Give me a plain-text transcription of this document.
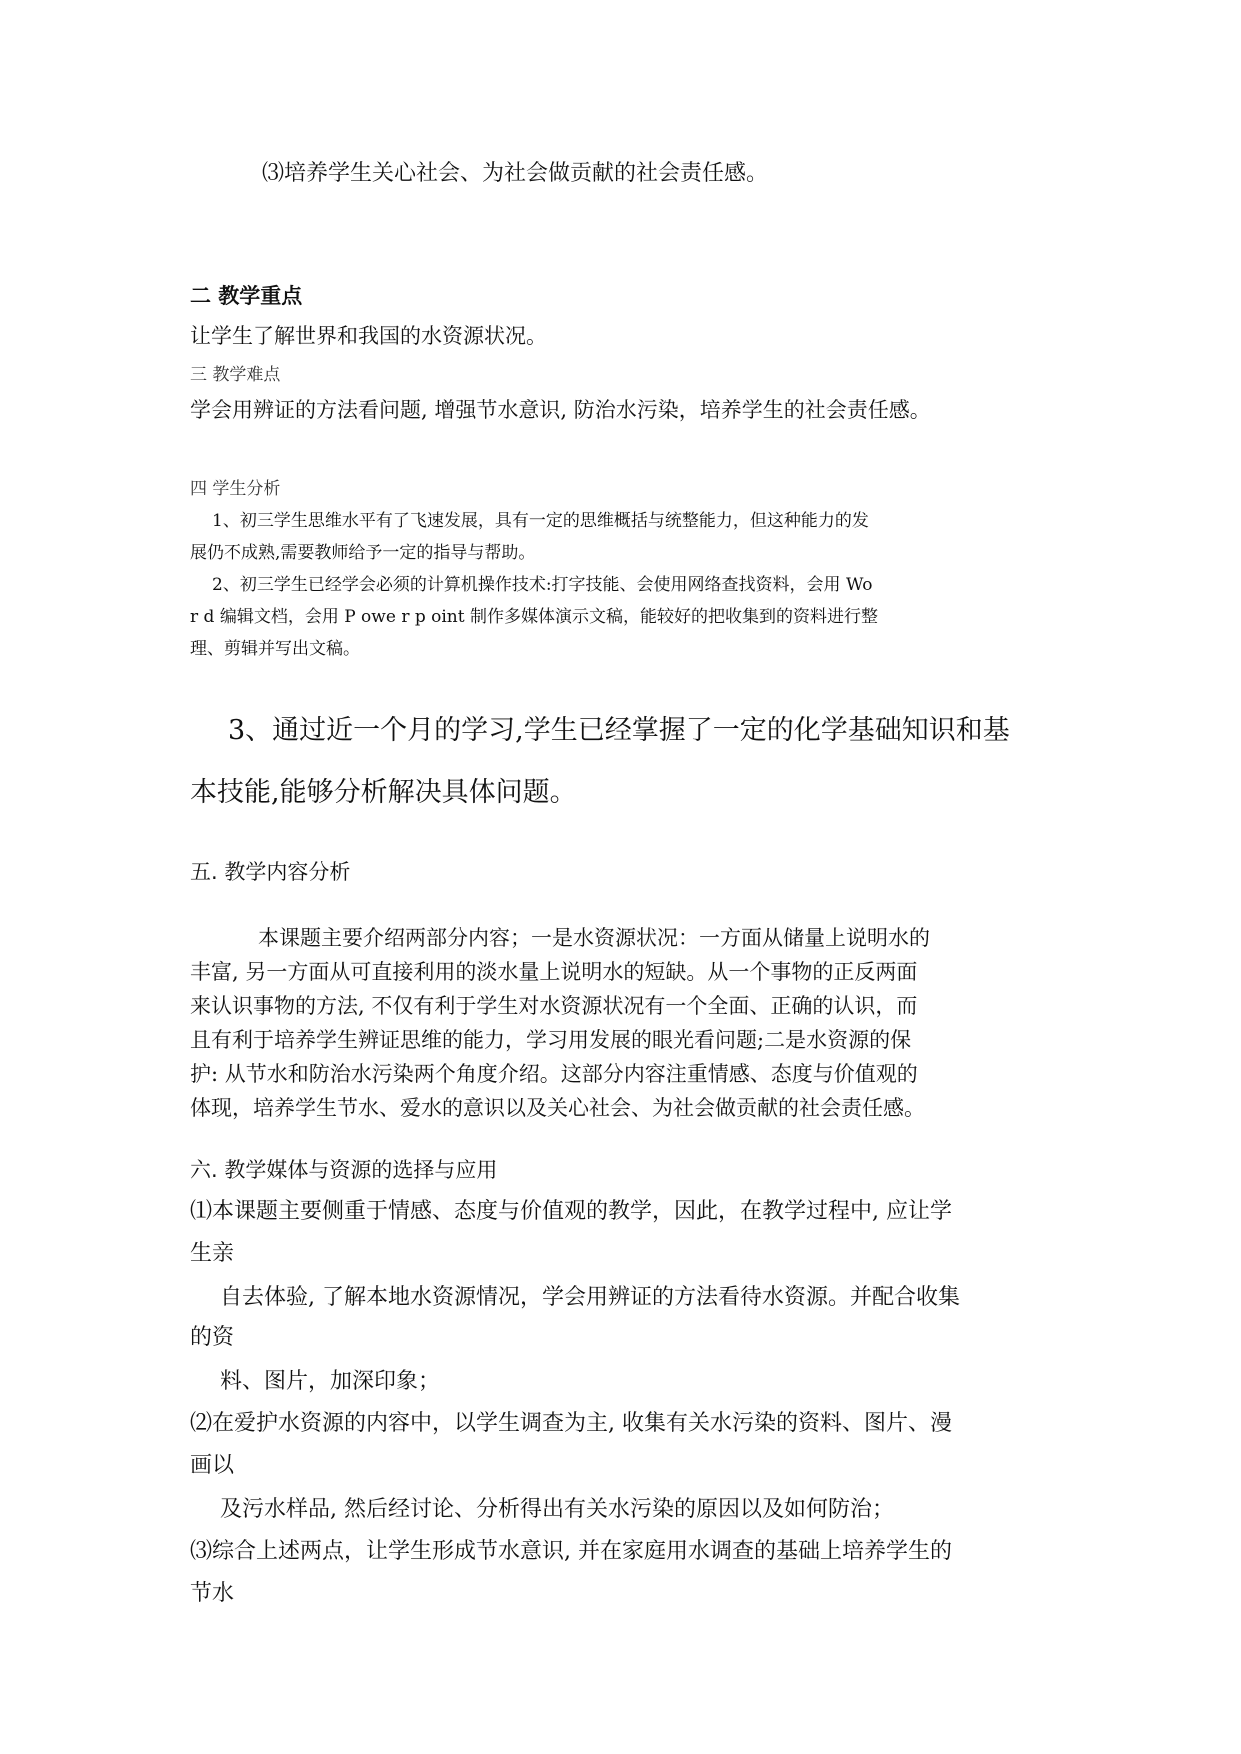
⑶培养学生关心社会、为社会做贡献的社会责任感。
二 教学重点
让学生了解世界和我国的水资源状况。
三 教学难点
学会用辨证的方法看问题, 增强节水意识, 防治水污染，培养学生的社会责任感。
四 学生分析
1、初三学生思维水平有了飞速发展，具有一定的思维概括与统整能力，但这种能力的发
展仍不成熟,需要教师给予一定的指导与帮助。
2、初三学生已经学会必须的计算机操作技术:打字技能、会使用网络查找资料，会用 Wo
r d 编辑文档，会用 P owe r p oint 制作多媒体演示文稿，能较好的把收集到的资料进行整
理、剪辑并写出文稿。
3、通过近一个月的学习,学生已经掌握了一定的化学基础知识和基
本技能,能够分析解决具体问题。
五. 教学内容分析
本课题主要介绍两部分内容；一是水资源状况：一方面从储量上说明水的
丰富, 另一方面从可直接利用的淡水量上说明水的短缺。从一个事物的正反两面
来认识事物的方法, 不仅有利于学生对水资源状况有一个全面、正确的认识，而
且有利于培养学生辨证思维的能力，学习用发展的眼光看问题;二是水资源的保
护: 从节水和防治水污染两个角度介绍。这部分内容注重情感、态度与价值观的
体现，培养学生节水、爱水的意识以及关心社会、为社会做贡献的社会责任感。
六. 教学媒体与资源的选择与应用
⑴本课题主要侧重于情感、态度与价值观的教学，因此，在教学过程中, 应让学
生亲
自去体验, 了解本地水资源情况，学会用辨证的方法看待水资源。并配合收集
的资
料、图片，加深印象；
⑵在爱护水资源的内容中，以学生调查为主, 收集有关水污染的资料、图片、漫
画以
及污水样品, 然后经讨论、分析得出有关水污染的原因以及如何防治；
⑶综合上述两点，让学生形成节水意识, 并在家庭用水调查的基础上培养学生的
节水
